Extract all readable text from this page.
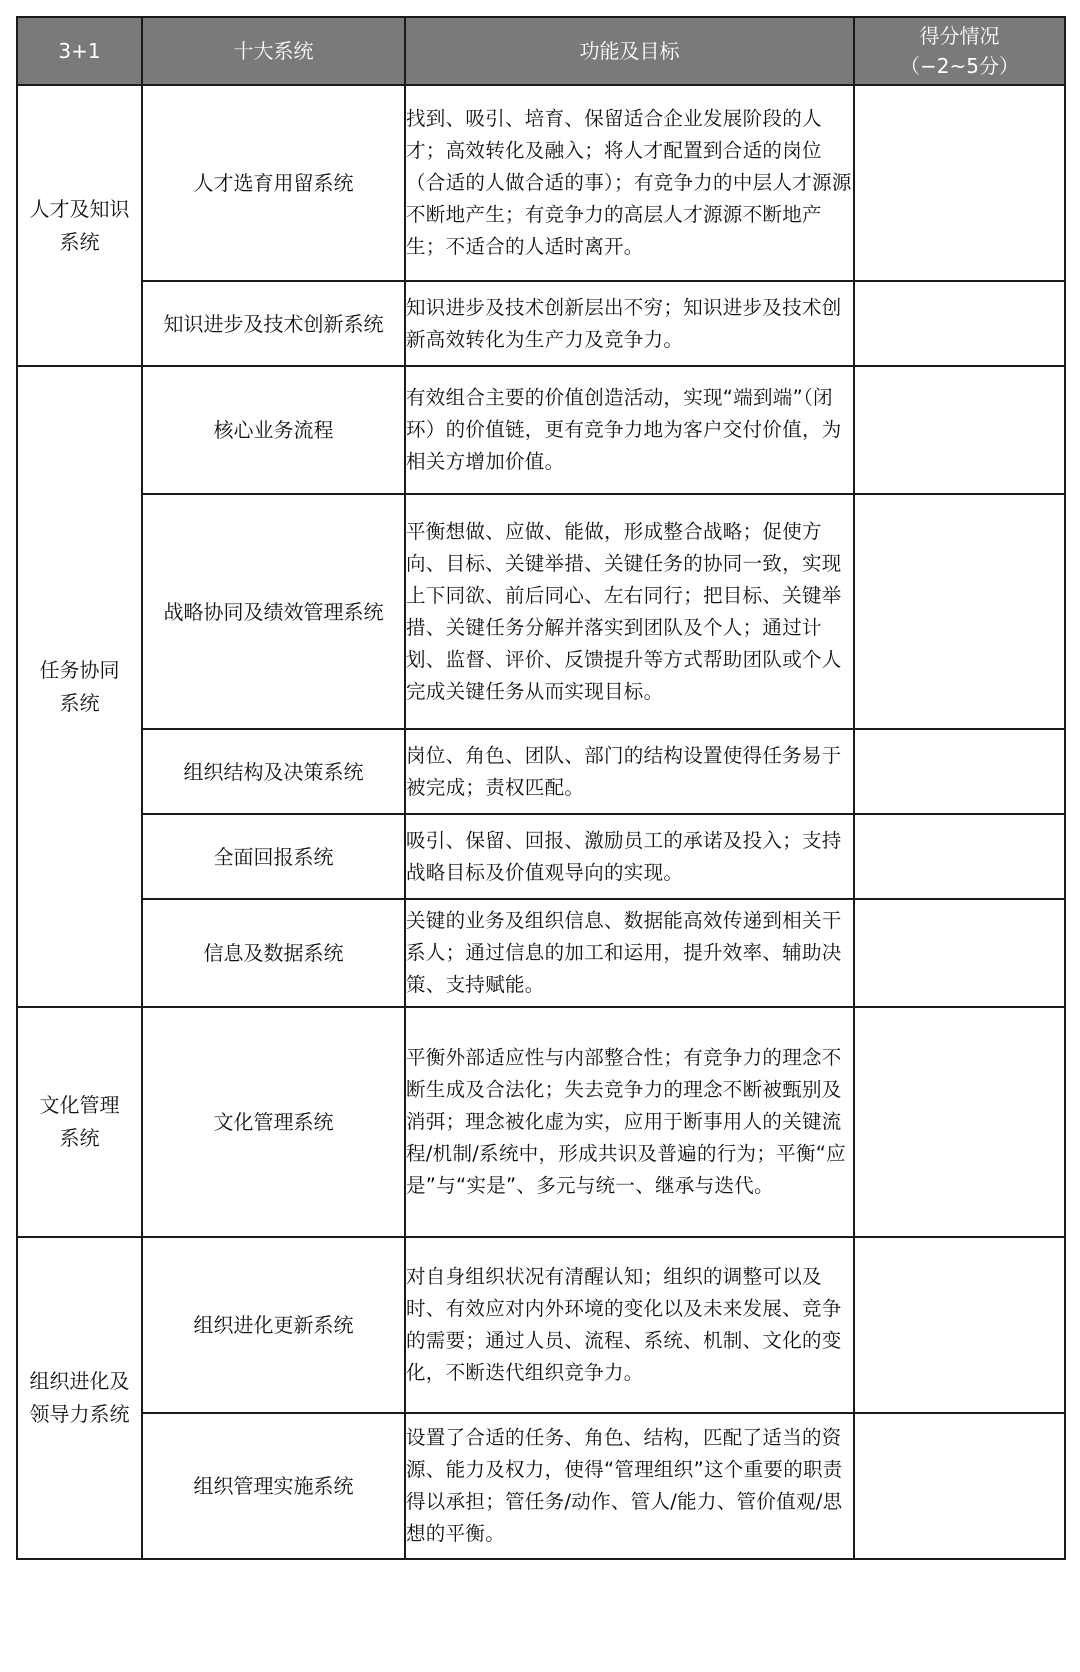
3+1	十大系统	功能及目标	得分情况
（−2~5分）

人才及知识
系统	人才选育用留系统	找到、吸引、培育、保留适合企业发展阶段的人才；高效转化及融入；将人才配置到合适的岗位（合适的人做合适的事）；有竞争力的中层人才源源不断地产生；有竞争力的高层人才源源不断地产生；不适合的人适时离开。	
	知识进步及技术创新系统	知识进步及技术创新层出不穷；知识进步及技术创新高效转化为生产力及竞争力。	

任务协同
系统	核心业务流程	有效组合主要的价值创造活动，实现“端到端”（闭环）的价值链，更有竞争力地为客户交付价值，为相关方增加价值。	
	战略协同及绩效管理系统	平衡想做、应做、能做，形成整合战略；促使方向、目标、关键举措、关键任务的协同一致，实现上下同欲、前后同心、左右同行；把目标、关键举措、关键任务分解并落实到团队及个人；通过计划、监督、评价、反馈提升等方式帮助团队或个人完成关键任务从而实现目标。	
	组织结构及决策系统	岗位、角色、团队、部门的结构设置使得任务易于被完成；责权匹配。	
	全面回报系统	吸引、保留、回报、激励员工的承诺及投入；支持战略目标及价值观导向的实现。	
	信息及数据系统	关键的业务及组织信息、数据能高效传递到相关干系人；通过信息的加工和运用，提升效率、辅助决策、支持赋能。	

文化管理
系统	文化管理系统	平衡外部适应性与内部整合性；有竞争力的理念不断生成及合法化；失去竞争力的理念不断被甄别及消弭；理念被化虚为实，应用于断事用人的关键流程/机制/系统中，形成共识及普遍的行为；平衡“应是”与“实是”、多元与统一、继承与迭代。	

组织进化及
领导力系统	组织进化更新系统	对自身组织状况有清醒认知；组织的调整可以及时、有效应对内外环境的变化以及未来发展、竞争的需要；通过人员、流程、系统、机制、文化的变化，不断迭代组织竞争力。	
	组织管理实施系统	设置了合适的任务、角色、结构，匹配了适当的资源、能力及权力，使得“管理组织”这个重要的职责得以承担；管任务/动作、管人/能力、管价值观/思想的平衡。	
